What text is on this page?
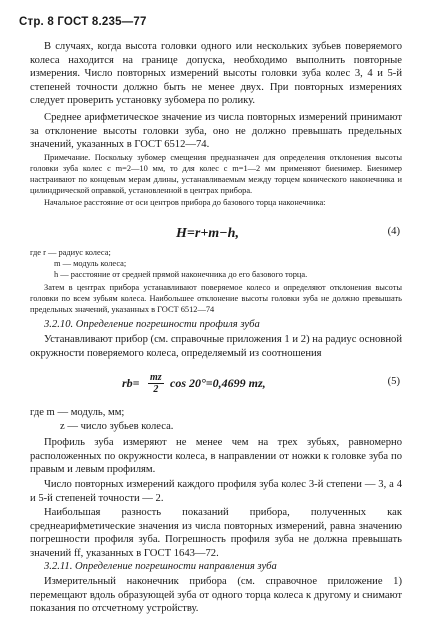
Стр. 8 ГОСТ 8.235—77

В случаях, когда высота головки одного или нескольких зубьев поверяемого колеса находится на границе допуска, необходимо выполнить повторные измерения. Число повторных измерений высоты головки зуба колес 3, 4 и 5-й степеней точности должно быть не менее двух. При повторных измерениях следует проверить установку зубомера по ролику.

Среднее арифметическое значение из числа повторных измерений принимают за отклонение высоты головки зуба, оно не должно превышать предельных значений, указанных в ГОСТ 6512—74.

Примечание. Поскольку зубомер смещения предназначен для определения отклонения высоты головки зуба колес с m=2—10 мм, то для колес с m=1—2 мм применяют биенимер. Биенимер настраивают по концевым мерам длины, устанавливаемым между торцем конического наконечника и цилиндрической оправкой, установленной в центрах прибора.

Начальное расстояние от оси центров прибора до базового торца наконечника:

H=r+m−h,	(4)
где r — радиус колеса;
m — модуль колеса;
h — расстояние от средней прямой наконечника до его базового торца.

Затем в центрах прибора устанавливают поверяемое колесо и определяют отклонения высоты головки по всем зубьям колеса. Наибольшее отклонение высоты головки зуба не должно превышать предельных значений, указанных в ГОСТ 6512—74

3.2.10. Определение погрешности профиля зуба

Устанавливают прибор (см. справочные приложения 1 и 2) на радиус основной окружности поверяемого колеса, определяемый из соотношения

$rb= \frac{mz}{2}$ cos 20°=0,4699 mz,	(5)
где m — модуль, мм;
z — число зубьев колеса.

Профиль зуба измеряют не менее чем на трех зубьях, равномерно расположенных по окружности колеса, в направлении от ножки к головке зуба по правым и левым профилям.

Число повторных измерений каждого профиля зуба колес 3-й степени — 3, а 4 и 5-й степеней точности — 2.

Наибольшая разность показаний прибора, полученных как среднеарифметические значения из числа повторных измерений, равна значению погрешности профиля зуба. Погрешность профиля зуба не должна превышать значений ff, указанных в ГОСТ 1643—72.

3.2.11. Определение погрешности направления зуба

Измерительный наконечник прибора (см. справочное приложение 1) перемещают вдоль образующей зуба от одного торца колеса к другому и снимают показания по отсчетному устройству.
